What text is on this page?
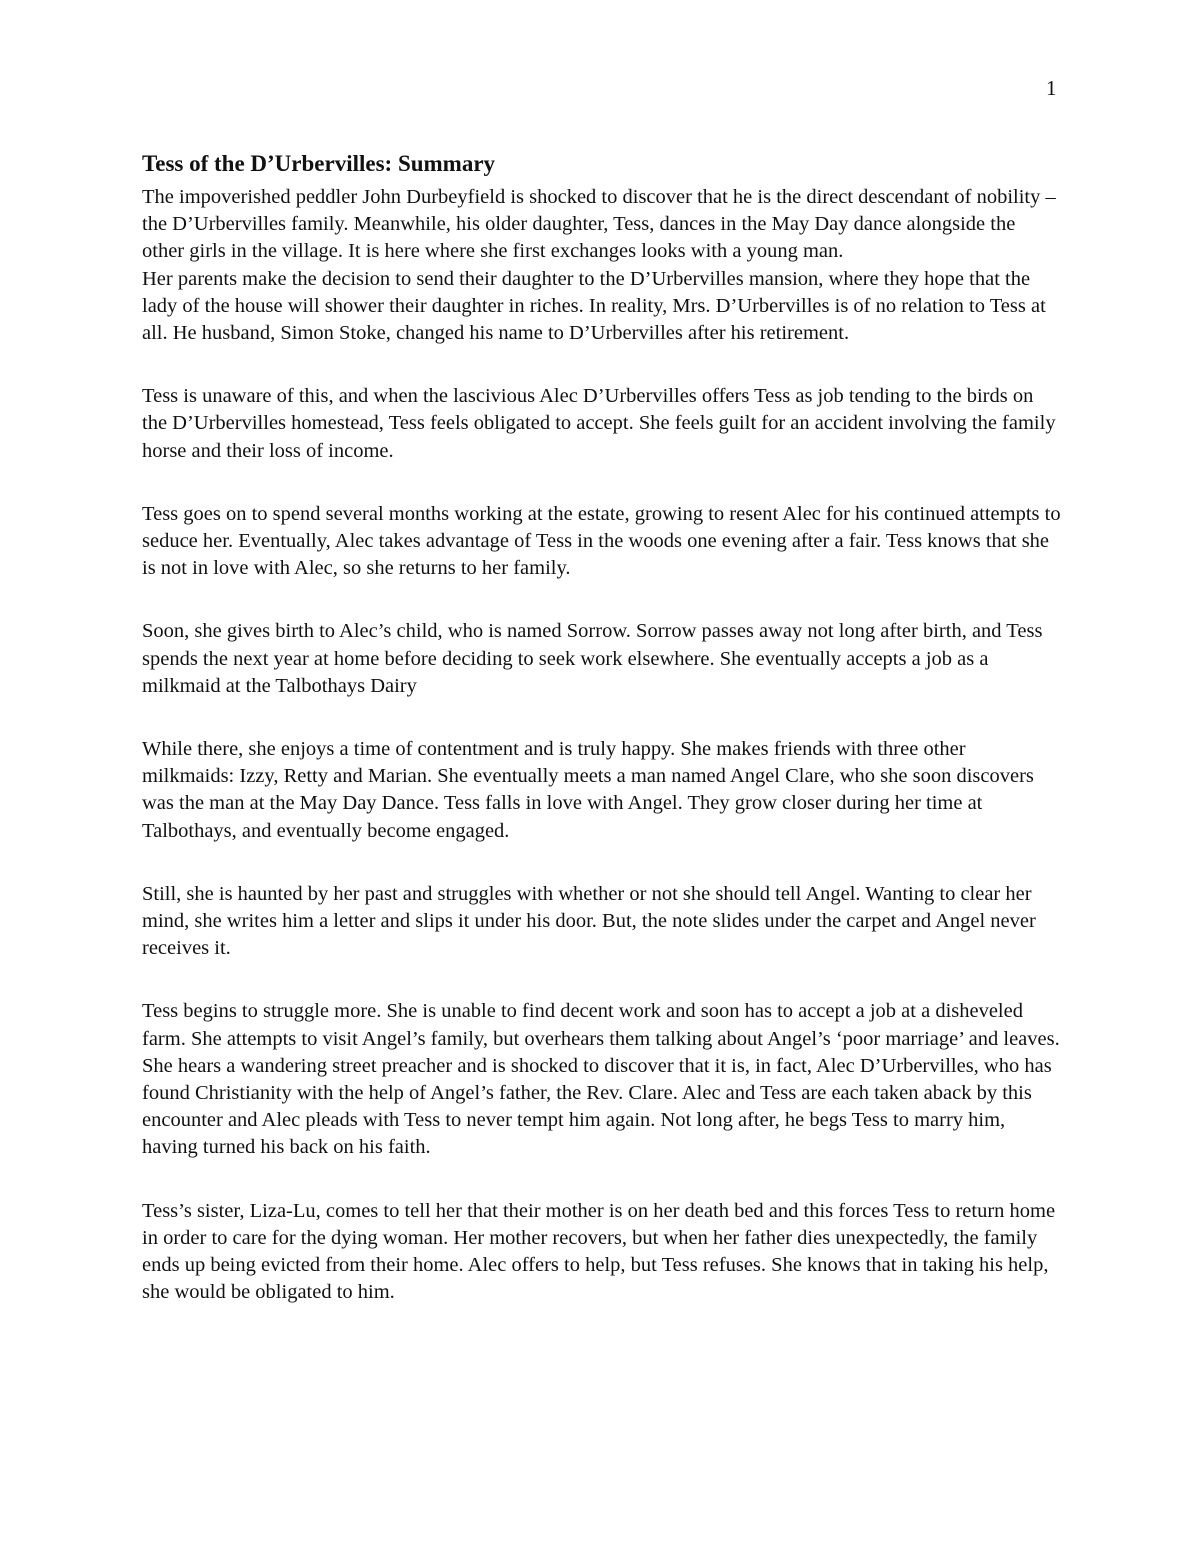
1
Tess of the D’Urbervilles: Summary

The impoverished peddler John Durbeyfield is shocked to discover that he is the direct descendant of nobility – the D’Urbervilles family. Meanwhile, his older daughter, Tess, dances in the May Day dance alongside the other girls in the village. It is here where she first exchanges looks with a young man.

Her parents make the decision to send their daughter to the D’Urbervilles mansion, where they hope that the lady of the house will shower their daughter in riches. In reality, Mrs. D’Urbervilles is of no relation to Tess at all. He husband, Simon Stoke, changed his name to D’Urbervilles after his retirement.

Tess is unaware of this, and when the lascivious Alec D’Urbervilles offers Tess as job tending to the birds on the D’Urbervilles homestead, Tess feels obligated to accept. She feels guilt for an accident involving the family horse and their loss of income.

Tess goes on to spend several months working at the estate, growing to resent Alec for his continued attempts to seduce her. Eventually, Alec takes advantage of Tess in the woods one evening after a fair. Tess knows that she is not in love with Alec, so she returns to her family.

Soon, she gives birth to Alec’s child, who is named Sorrow. Sorrow passes away not long after birth, and Tess spends the next year at home before deciding to seek work elsewhere. She eventually accepts a job as a milkmaid at the Talbothays Dairy

While there, she enjoys a time of contentment and is truly happy. She makes friends with three other milkmaids: Izzy, Retty and Marian. She eventually meets a man named Angel Clare, who she soon discovers was the man at the May Day Dance. Tess falls in love with Angel. They grow closer during her time at Talbothays, and eventually become engaged.

Still, she is haunted by her past and struggles with whether or not she should tell Angel. Wanting to clear her mind, she writes him a letter and slips it under his door. But, the note slides under the carpet and Angel never receives it.

Tess begins to struggle more. She is unable to find decent work and soon has to accept a job at a disheveled farm. She attempts to visit Angel’s family, but overhears them talking about Angel’s ‘poor marriage’ and leaves. She hears a wandering street preacher and is shocked to discover that it is, in fact, Alec D’Urbervilles, who has found Christianity with the help of Angel’s father, the Rev. Clare. Alec and Tess are each taken aback by this encounter and Alec pleads with Tess to never tempt him again. Not long after, he begs Tess to marry him, having turned his back on his faith.

Tess’s sister, Liza-Lu, comes to tell her that their mother is on her death bed and this forces Tess to return home in order to care for the dying woman. Her mother recovers, but when her father dies unexpectedly, the family ends up being evicted from their home. Alec offers to help, but Tess refuses. She knows that in taking his help, she would be obligated to him.
